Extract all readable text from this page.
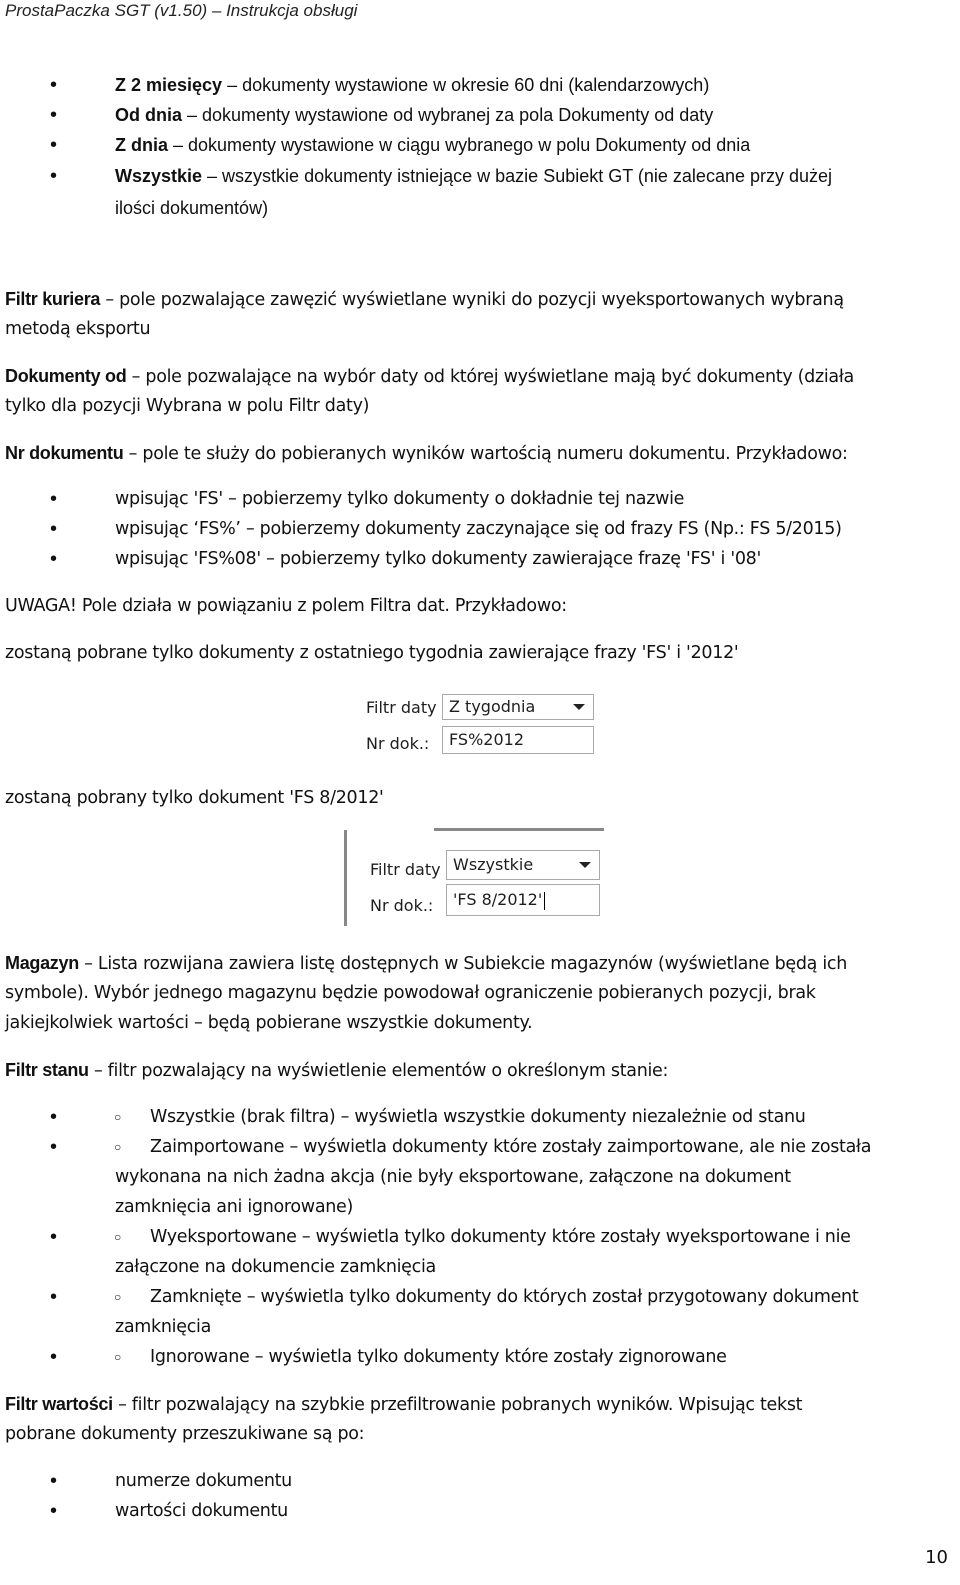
ProstaPaczka SGT (v1.50) – Instrukcja obsługi
•	Z 2 miesięcy – dokumenty wystawione w okresie 60 dni (kalendarzowych)
•	Od dnia – dokumenty wystawione od wybranej za pola Dokumenty od daty
•	Z dnia – dokumenty wystawione w ciągu wybranego w polu Dokumenty od dnia
•	Wszystkie – wszystkie dokumenty istniejące w bazie Subiekt GT (nie zalecane przy dużej
ilości dokumentów)
Filtr kuriera – pole pozwalające zawęzić wyświetlane wyniki do pozycji wyeksportowanych wybraną
metodą eksportu
Dokumenty od – pole pozwalające na wybór daty od której wyświetlane mają być dokumenty (działa
tylko dla pozycji Wybrana w polu Filtr daty)
Nr dokumentu – pole te służy do pobieranych wyników wartością numeru dokumentu. Przykładowo:
•	wpisując 'FS' – pobierzemy tylko dokumenty o dokładnie tej nazwie
•	wpisując ‘FS%’ – pobierzemy dokumenty zaczynające się od frazy FS (Np.: FS 5/2015)
•	wpisując 'FS%08' – pobierzemy tylko dokumenty zawierające frazę 'FS' i '08'
UWAGA! Pole działa w powiązaniu z polem Filtra dat. Przykładowo:
zostaną pobrane tylko dokumenty z ostatniego tygodnia zawierające frazy 'FS' i '2012'
Filtr daty Z tygodnia
Nr dok.:	FS%2012
zostaną pobrany tylko dokument 'FS 8/2012'
Filtr daty Wszystkie
Nr dok.:	'FS 8/2012'
Magazyn – Lista rozwijana zawiera listę dostępnych w Subiekcie magazynów (wyświetlane będą ich
symbole). Wybór jednego magazynu będzie powodował ograniczenie pobieranych pozycji, brak
jakiejkolwiek wartości – będą pobierane wszystkie dokumenty.
Filtr stanu – filtr pozwalający na wyświetlenie elementów o określonym stanie:
•	○ Wszystkie (brak filtra) – wyświetla wszystkie dokumenty niezależnie od stanu
•	○ Zaimportowane – wyświetla dokumenty które zostały zaimportowane, ale nie została
wykonana na nich żadna akcja (nie były eksportowane, załączone na dokument
zamknięcia ani ignorowane)
•	○ Wyeksportowane – wyświetla tylko dokumenty które zostały wyeksportowane i nie
załączone na dokumencie zamknięcia
•	○ Zamknięte – wyświetla tylko dokumenty do których został przygotowany dokument
zamknięcia
•	○ Ignorowane – wyświetla tylko dokumenty które zostały zignorowane
Filtr wartości – filtr pozwalający na szybkie przefiltrowanie pobranych wyników. Wpisując tekst
pobrane dokumenty przeszukiwane są po:
•	numerze dokumentu
•	wartości dokumentu
10
